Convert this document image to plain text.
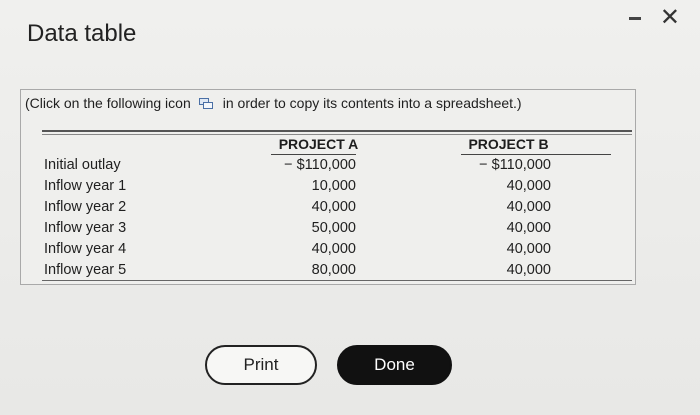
Data table
✕
(Click on the following icon in order to copy its contents into a spreadsheet.)
PROJECT A	PROJECT B
Initial outlay
Inflow year 1
Inflow year 2
Inflow year 3
Inflow year 4
Inflow year 5
− $110,000
10,000
40,000
50,000
40,000
80,000
− $110,000
40,000
40,000
40,000
40,000
40,000
Print	Done
